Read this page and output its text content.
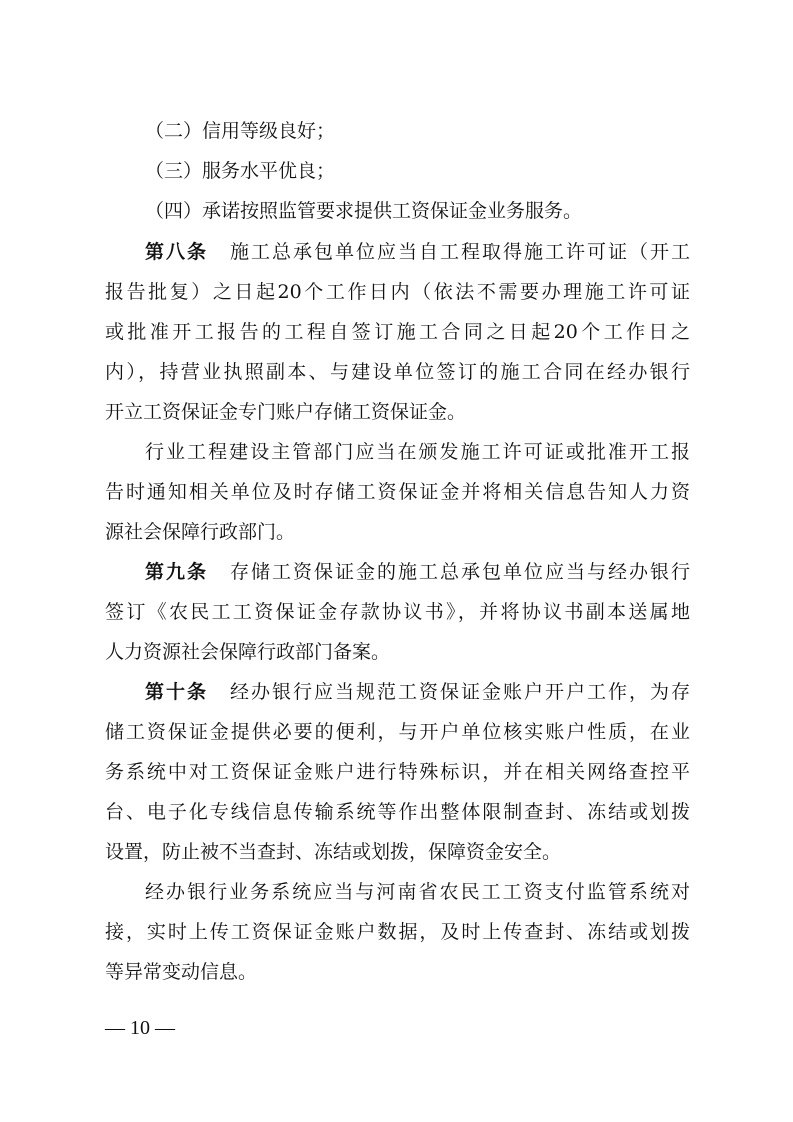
（二）信用等级良好；
（三）服务水平优良；
（四）承诺按照监管要求提供工资保证金业务服务。
第八条 施工总承包单位应当自工程取得施工许可证（开工
报告批复）之日起20个工作日内（依法不需要办理施工许可证
或批准开工报告的工程自签订施工合同之日起20个工作日之
内），持营业执照副本、与建设单位签订的施工合同在经办银行
开立工资保证金专门账户存储工资保证金。
行业工程建设主管部门应当在颁发施工许可证或批准开工报
告时通知相关单位及时存储工资保证金并将相关信息告知人力资
源社会保障行政部门。
第九条 存储工资保证金的施工总承包单位应当与经办银行
签订《农民工工资保证金存款协议书》，并将协议书副本送属地
人力资源社会保障行政部门备案。
第十条 经办银行应当规范工资保证金账户开户工作，为存
储工资保证金提供必要的便利，与开户单位核实账户性质，在业
务系统中对工资保证金账户进行特殊标识，并在相关网络查控平
台、电子化专线信息传输系统等作出整体限制查封、冻结或划拨
设置，防止被不当查封、冻结或划拨，保障资金安全。
经办银行业务系统应当与河南省农民工工资支付监管系统对
接，实时上传工资保证金账户数据，及时上传查封、冻结或划拨
等异常变动信息。
— 10 —
